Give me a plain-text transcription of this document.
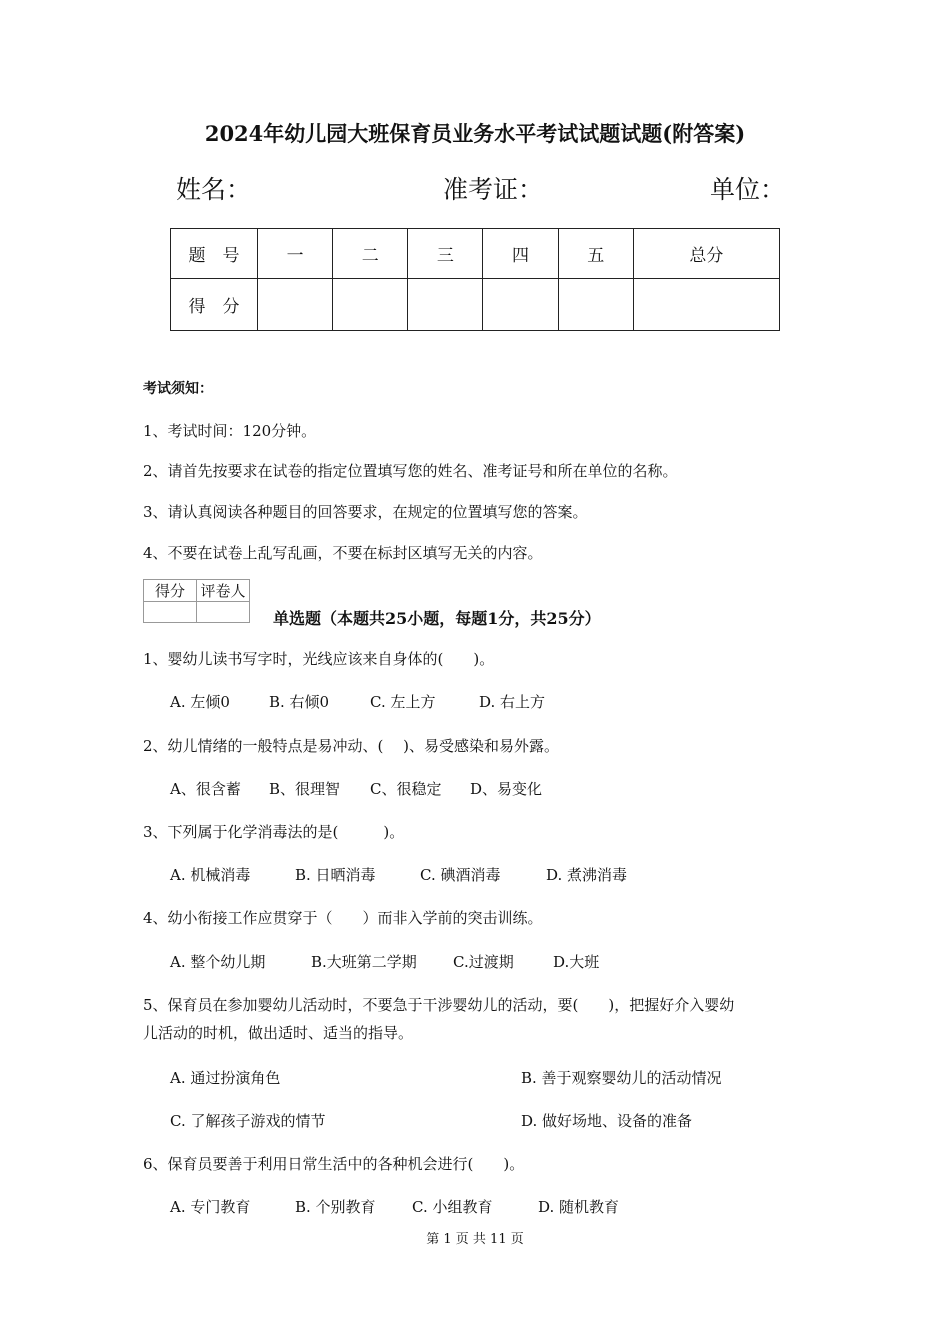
2024年幼儿园大班保育员业务水平考试试题试题(附答案)
姓名：	准考证：	单位：
题　号	一	二	三	四	五	总分
得　分						
考试须知：
1、考试时间：120分钟。
2、请首先按要求在试卷的指定位置填写您的姓名、准考证号和所在单位的名称。
3、请认真阅读各种题目的回答要求，在规定的位置填写您的答案。
4、不要在试卷上乱写乱画，不要在标封区填写无关的内容。
得分	评卷人

单选题（本题共25小题，每题1分，共25分）
1、婴幼儿读书写字时，光线应该来自身体的(　　)。
A. 左倾0	B. 右倾0	C. 左上方	D. 右上方
2、幼儿情绪的一般特点是易冲动、(　 )、易受感染和易外露。
A、很含蓄 B、很理智 C、很稳定 D、易变化
3、下列属于化学消毒法的是(　　　)。
A. 机械消毒	B. 日晒消毒	C. 碘酒消毒	D. 煮沸消毒
4、幼小衔接工作应贯穿于（　　）而非入学前的突击训练。
A. 整个幼儿期	B.大班第二学期 C.过渡期	D.大班
5、保育员在参加婴幼儿活动时，不要急于干涉婴幼儿的活动，要(　　)，把握好介入婴幼
儿活动的时机，做出适时、适当的指导。
A. 通过扮演角色	B. 善于观察婴幼儿的活动情况
C. 了解孩子游戏的情节	D. 做好场地、设备的准备
6、保育员要善于利用日常生活中的各种机会进行(　　)。
A. 专门教育	B. 个别教育 C. 小组教育	D. 随机教育
第 1 页 共 11 页
